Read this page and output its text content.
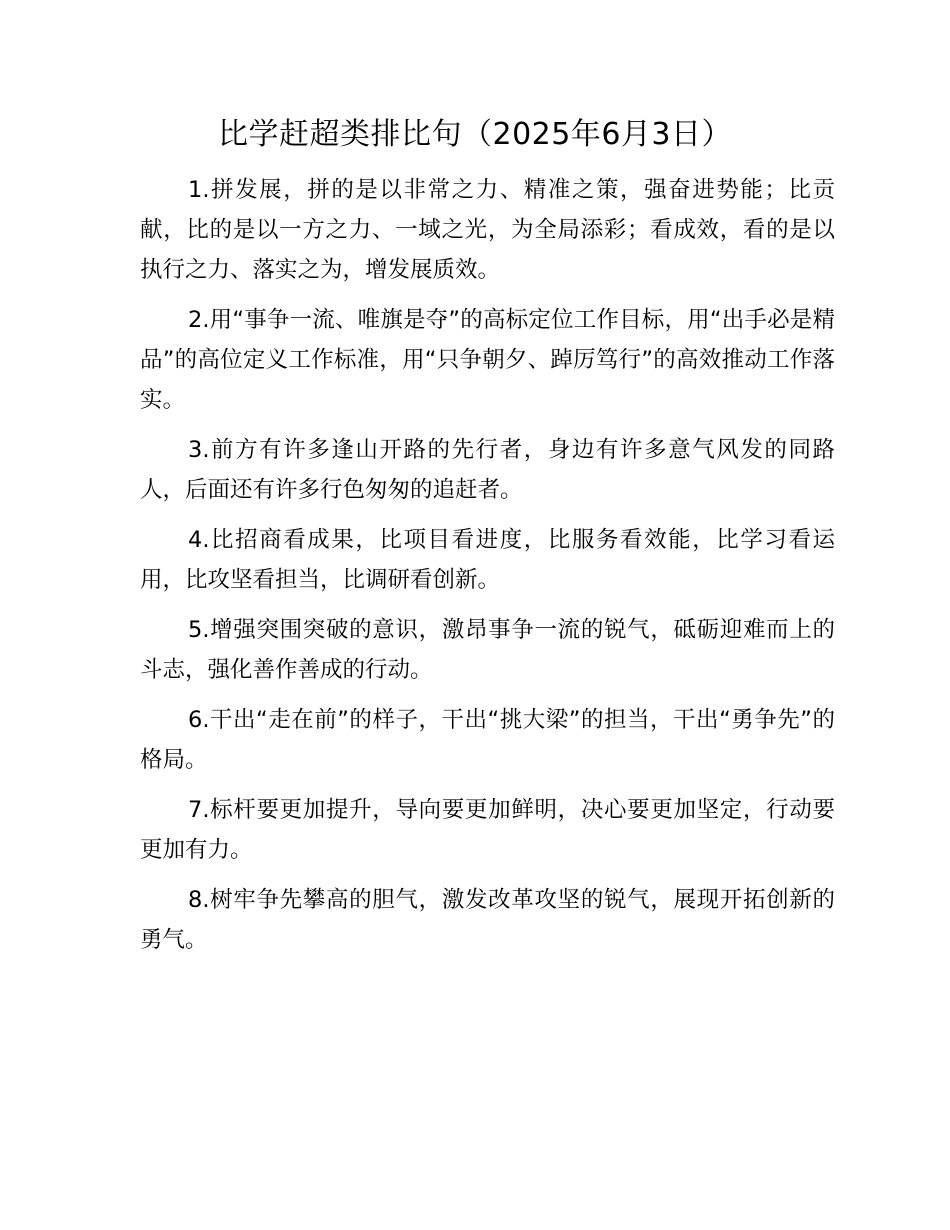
比学赶超类排比句（2025年6月3日）

1.拼发展，拼的是以非常之力、精准之策，强奋进势能；比贡献，比的是以一方之力、一域之光，为全局添彩；看成效，看的是以执行之力、落实之为，增发展质效。

2.用“事争一流、唯旗是夺”的高标定位工作目标，用“出手必是精品”的高位定义工作标准，用“只争朝夕、踔厉笃行”的高效推动工作落实。

3.前方有许多逢山开路的先行者，身边有许多意气风发的同路人，后面还有许多行色匆匆的追赶者。

4.比招商看成果，比项目看进度，比服务看效能，比学习看运用，比攻坚看担当，比调研看创新。

5.增强突围突破的意识，激昂事争一流的锐气，砥砺迎难而上的斗志，强化善作善成的行动。

6.干出“走在前”的样子，干出“挑大梁”的担当，干出“勇争先”的格局。

7.标杆要更加提升，导向要更加鲜明，决心要更加坚定，行动要更加有力。

8.树牢争先攀高的胆气，激发改革攻坚的锐气，展现开拓创新的勇气。
